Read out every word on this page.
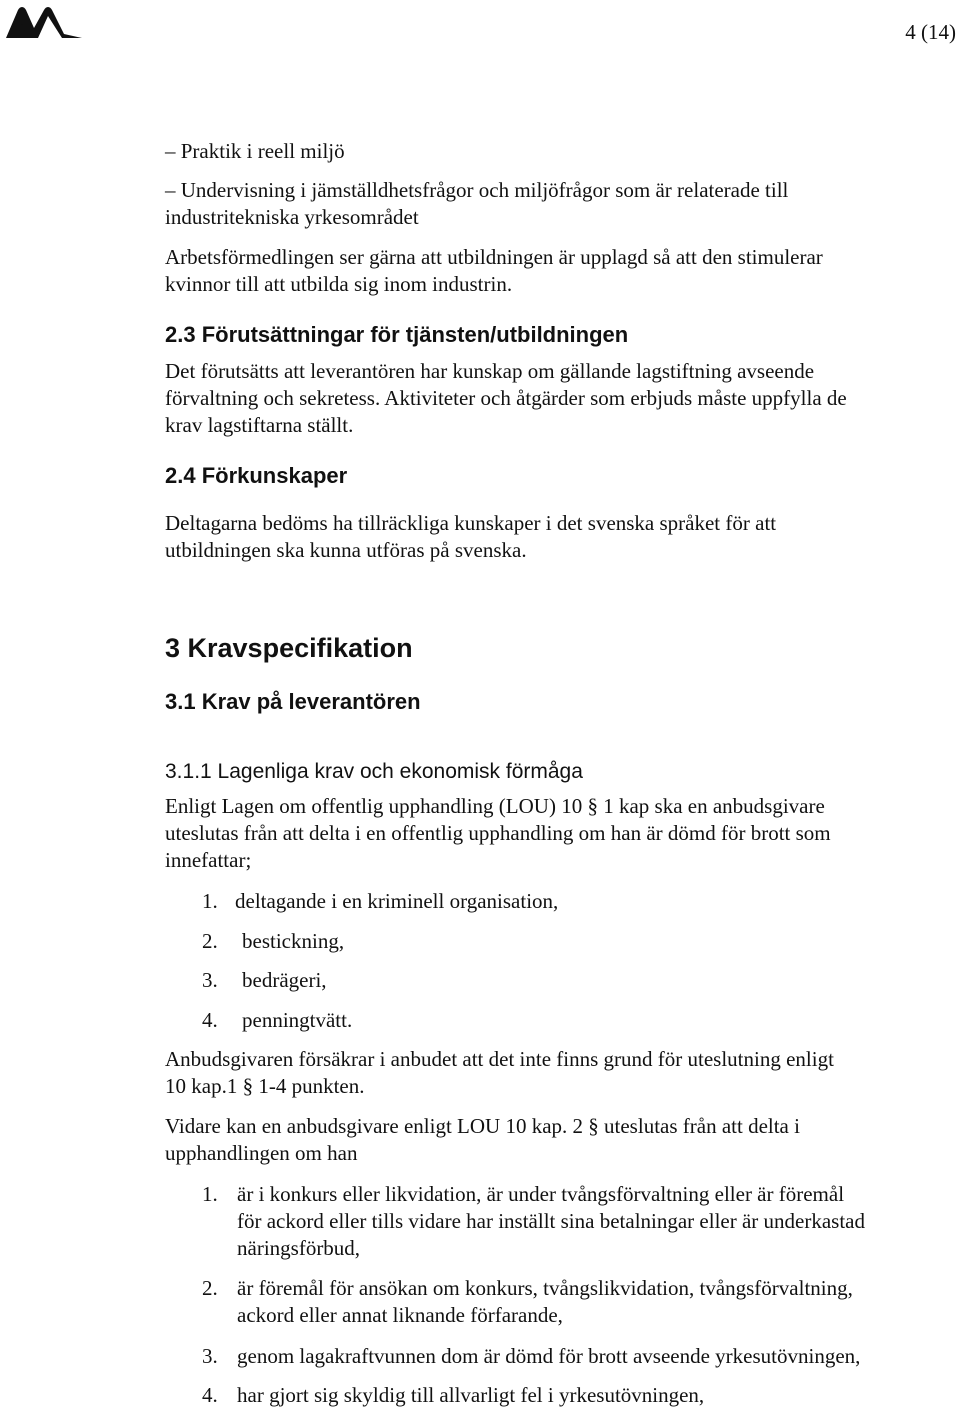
4 (14)
– Praktik i reell miljö
– Undervisning i jämställdhetsfrågor och miljöfrågor som är relaterade till
industritekniska yrkesområdet
Arbetsförmedlingen ser gärna att utbildningen är upplagd så att den stimulerar
kvinnor till att utbilda sig inom industrin.
2.3 Förutsättningar för tjänsten/utbildningen
Det förutsätts att leverantören har kunskap om gällande lagstiftning avseende
förvaltning och sekretess. Aktiviteter och åtgärder som erbjuds måste uppfylla de
krav lagstiftarna ställt.
2.4 Förkunskaper
Deltagarna bedöms ha tillräckliga kunskaper i det svenska språket för att
utbildningen ska kunna utföras på svenska.
3 Kravspecifikation
3.1 Krav på leverantören
3.1.1 Lagenliga krav och ekonomisk förmåga
Enligt Lagen om offentlig upphandling (LOU) 10 § 1 kap ska en anbudsgivare
uteslutas från att delta i en offentlig upphandling om han är dömd för brott som
innefattar;
1. deltagande i en kriminell organisation,
2. bestickning,
3. bedrägeri,
4. penningtvätt.
Anbudsgivaren försäkrar i anbudet att det inte finns grund för uteslutning enligt
10 kap.1 § 1-4 punkten.
Vidare kan en anbudsgivare enligt LOU 10 kap. 2 § uteslutas från att delta i
upphandlingen om han
1. är i konkurs eller likvidation, är under tvångsförvaltning eller är föremål
för ackord eller tills vidare har inställt sina betalningar eller är underkastad
näringsförbud,
2. är föremål för ansökan om konkurs, tvångslikvidation, tvångsförvaltning,
ackord eller annat liknande förfarande,
3. genom lagakraftvunnen dom är dömd för brott avseende yrkesutövningen,
4. har gjort sig skyldig till allvarligt fel i yrkesutövningen,
